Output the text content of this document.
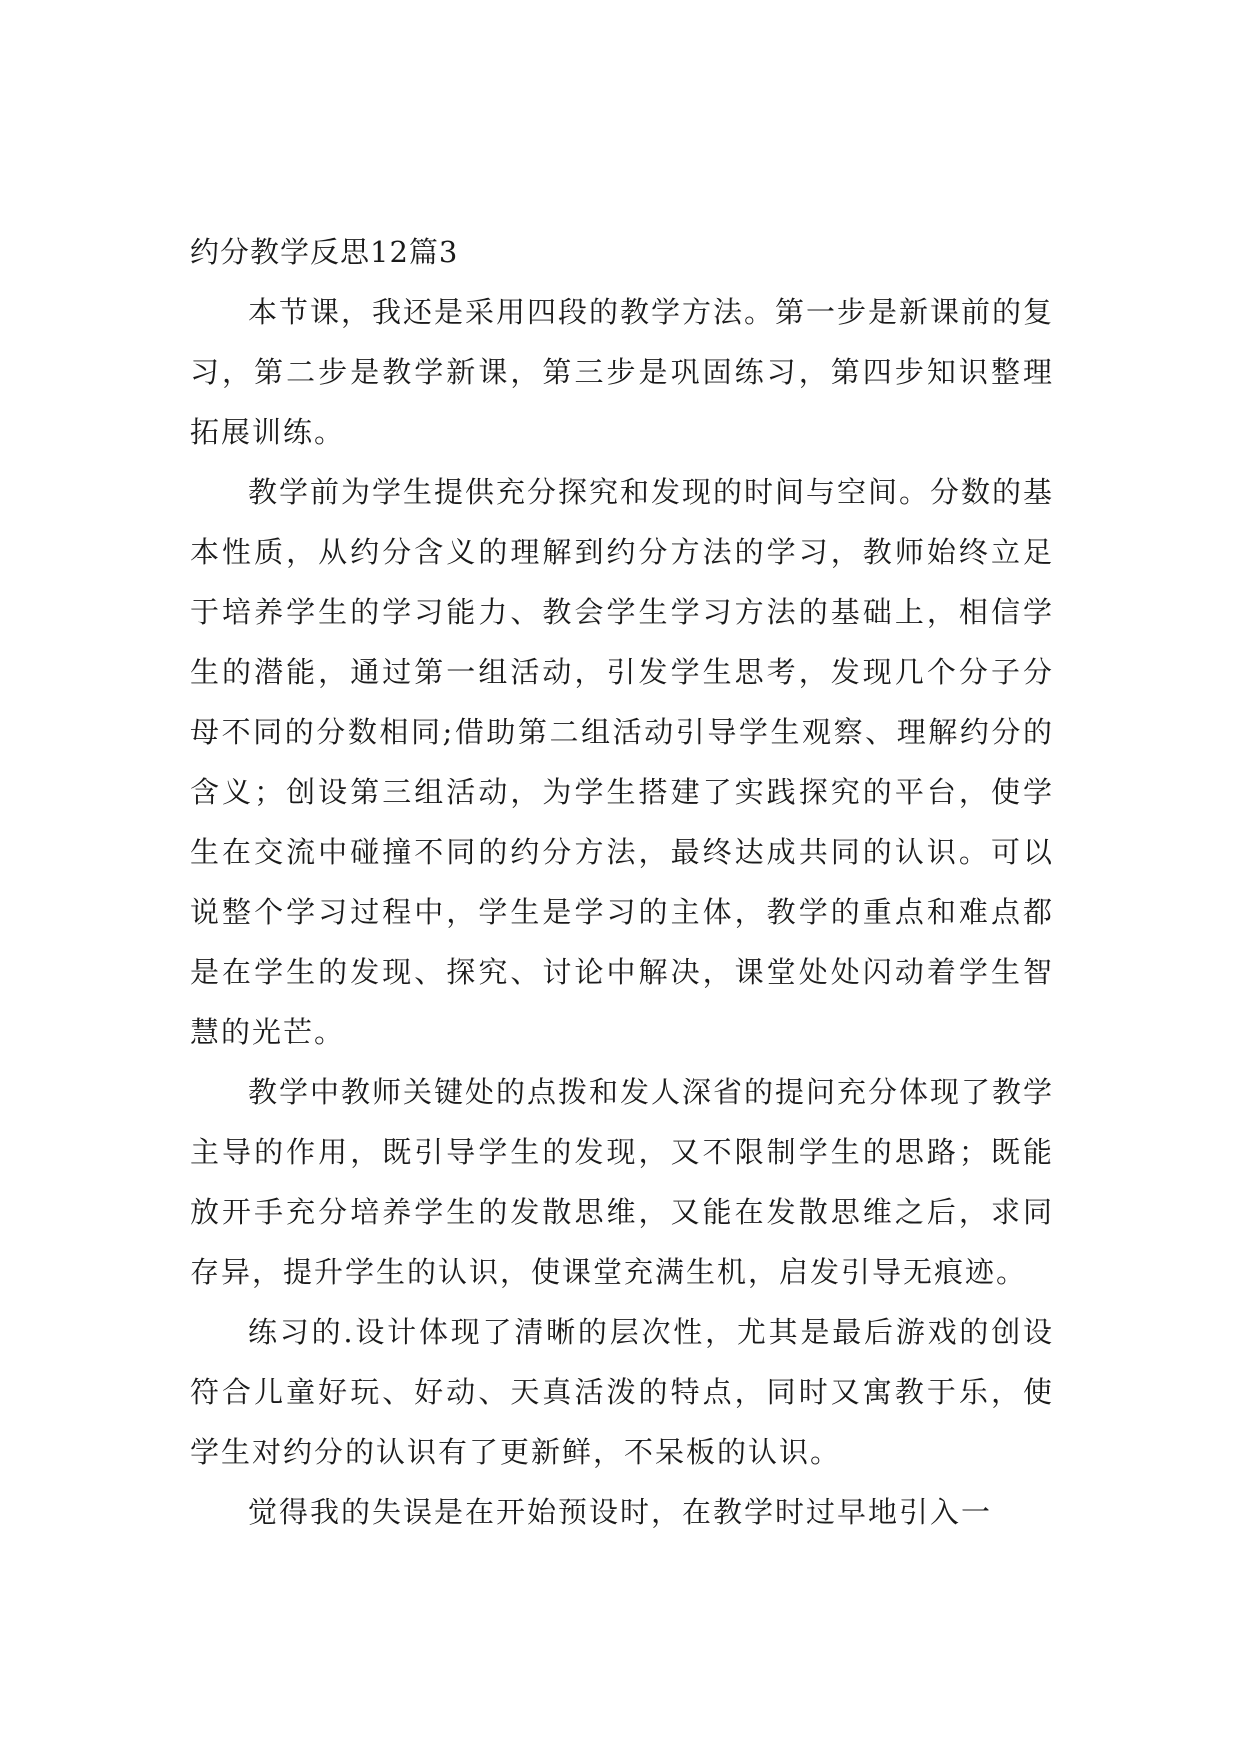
约分教学反思12篇3

本节课，我还是采用四段的教学方法。第一步是新课前的复习，第二步是教学新课，第三步是巩固练习，第四步知识整理拓展训练。

教学前为学生提供充分探究和发现的时间与空间。分数的基本性质，从约分含义的理解到约分方法的学习，教师始终立足于培养学生的学习能力、教会学生学习方法的基础上，相信学生的潜能，通过第一组活动，引发学生思考，发现几个分子分母不同的分数相同;借助第二组活动引导学生观察、理解约分的含义；创设第三组活动，为学生搭建了实践探究的平台，使学生在交流中碰撞不同的约分方法，最终达成共同的认识。可以说整个学习过程中，学生是学习的主体，教学的重点和难点都是在学生的发现、探究、讨论中解决，课堂处处闪动着学生智慧的光芒。

教学中教师关键处的点拨和发人深省的提问充分体现了教学主导的作用，既引导学生的发现，又不限制学生的思路；既能放开手充分培养学生的发散思维，又能在发散思维之后，求同存异，提升学生的认识，使课堂充满生机，启发引导无痕迹。

练习的.设计体现了清晰的层次性，尤其是最后游戏的创设符合儿童好玩、好动、天真活泼的特点，同时又寓教于乐，使学生对约分的认识有了更新鲜，不呆板的认识。

觉得我的失误是在开始预设时，在教学时过早地引入一
